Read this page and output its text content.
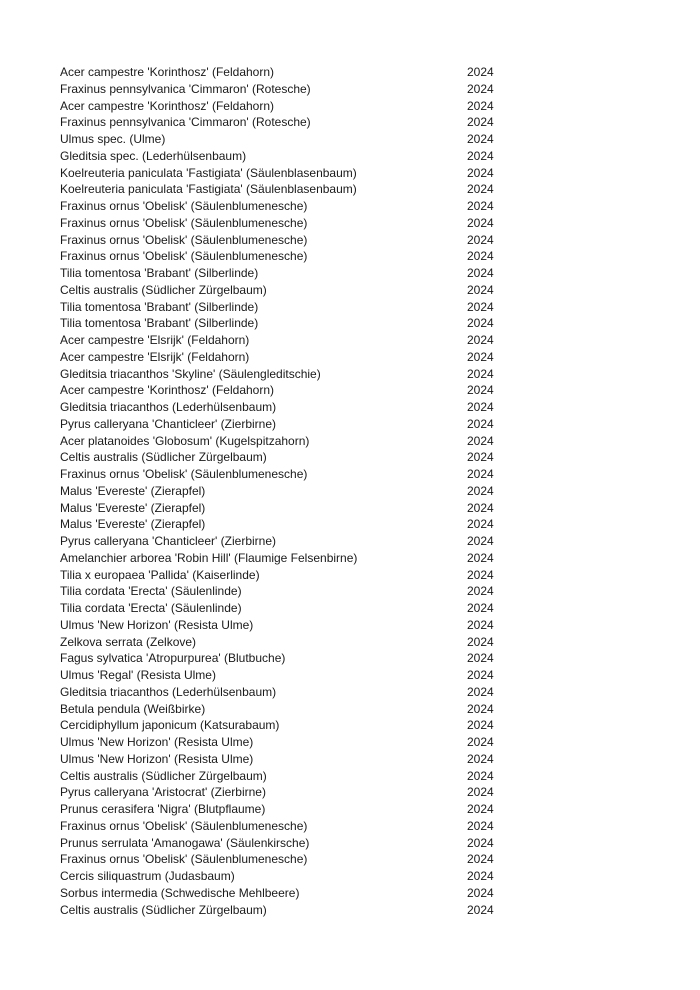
Acer campestre 'Korinthosz' (Feldahorn)	2024
Fraxinus pennsylvanica 'Cimmaron' (Rotesche)	2024
Acer campestre 'Korinthosz' (Feldahorn)	2024
Fraxinus pennsylvanica 'Cimmaron' (Rotesche)	2024
Ulmus spec. (Ulme)	2024
Gleditsia spec. (Lederhülsenbaum)	2024
Koelreuteria paniculata 'Fastigiata' (Säulenblasenbaum)	2024
Koelreuteria paniculata 'Fastigiata' (Säulenblasenbaum)	2024
Fraxinus ornus 'Obelisk' (Säulenblumenesche)	2024
Fraxinus ornus 'Obelisk' (Säulenblumenesche)	2024
Fraxinus ornus 'Obelisk' (Säulenblumenesche)	2024
Fraxinus ornus 'Obelisk' (Säulenblumenesche)	2024
Tilia tomentosa 'Brabant' (Silberlinde)	2024
Celtis australis (Südlicher Zürgelbaum)	2024
Tilia tomentosa 'Brabant' (Silberlinde)	2024
Tilia tomentosa 'Brabant' (Silberlinde)	2024
Acer campestre 'Elsrijk' (Feldahorn)	2024
Acer campestre 'Elsrijk' (Feldahorn)	2024
Gleditsia triacanthos 'Skyline' (Säulengleditschie)	2024
Acer campestre 'Korinthosz' (Feldahorn)	2024
Gleditsia triacanthos (Lederhülsenbaum)	2024
Pyrus calleryana 'Chanticleer' (Zierbirne)	2024
Acer platanoides 'Globosum' (Kugelspitzahorn)	2024
Celtis australis (Südlicher Zürgelbaum)	2024
Fraxinus ornus 'Obelisk' (Säulenblumenesche)	2024
Malus 'Evereste' (Zierapfel)	2024
Malus 'Evereste' (Zierapfel)	2024
Malus 'Evereste' (Zierapfel)	2024
Pyrus calleryana 'Chanticleer' (Zierbirne)	2024
Amelanchier arborea 'Robin Hill' (Flaumige Felsenbirne)	2024
Tilia x europaea 'Pallida' (Kaiserlinde)	2024
Tilia cordata 'Erecta' (Säulenlinde)	2024
Tilia cordata 'Erecta' (Säulenlinde)	2024
Ulmus 'New Horizon' (Resista Ulme)	2024
Zelkova serrata (Zelkove)	2024
Fagus sylvatica 'Atropurpurea' (Blutbuche)	2024
Ulmus 'Regal' (Resista Ulme)	2024
Gleditsia triacanthos (Lederhülsenbaum)	2024
Betula pendula (Weißbirke)	2024
Cercidiphyllum japonicum (Katsurabaum)	2024
Ulmus 'New Horizon' (Resista Ulme)	2024
Ulmus 'New Horizon' (Resista Ulme)	2024
Celtis australis (Südlicher Zürgelbaum)	2024
Pyrus calleryana 'Aristocrat' (Zierbirne)	2024
Prunus cerasifera 'Nigra' (Blutpflaume)	2024
Fraxinus ornus 'Obelisk' (Säulenblumenesche)	2024
Prunus serrulata 'Amanogawa' (Säulenkirsche)	2024
Fraxinus ornus 'Obelisk' (Säulenblumenesche)	2024
Cercis siliquastrum (Judasbaum)	2024
Sorbus intermedia (Schwedische Mehlbeere)	2024
Celtis australis (Südlicher Zürgelbaum)	2024
